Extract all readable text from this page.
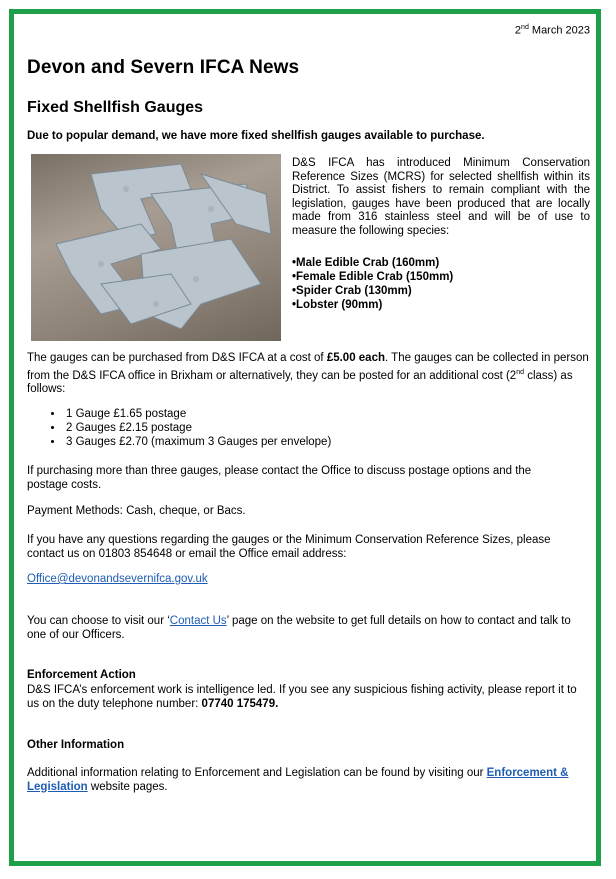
2nd March 2023
Devon and Severn IFCA News
Fixed Shellfish Gauges
Due to popular demand, we have more fixed shellfish gauges available to purchase.
D&S IFCA has introduced Minimum Conservation Reference Sizes (MCRS) for selected shellfish within its District. To assist fishers to remain compliant with the legislation, gauges have been produced that are locally made from 316 stainless steel and will be of use to measure the following species:
•Male Edible Crab (160mm)
•Female Edible Crab (150mm)
•Spider Crab (130mm)
•Lobster (90mm)
The gauges can be purchased from D&S IFCA at a cost of £5.00 each. The gauges can be collected in person from the D&S IFCA office in Brixham or alternatively, they can be posted for an additional cost (2nd class) as follows:
• 1 Gauge £1.65 postage
• 2 Gauges £2.15 postage
• 3 Gauges £2.70 (maximum 3 Gauges per envelope)
If purchasing more than three gauges, please contact the Office to discuss postage options and the postage costs.
Payment Methods: Cash, cheque, or Bacs.
If you have any questions regarding the gauges or the Minimum Conservation Reference Sizes, please contact us on 01803 854648 or email the Office email address:
Office@devonandsevernifca.gov.uk
You can choose to visit our ‘Contact Us’ page on the website to get full details on how to contact and talk to one of our Officers.
Enforcement Action
D&S IFCA’s enforcement work is intelligence led. If you see any suspicious fishing activity, please report it to us on the duty telephone number: 07740 175479.
Other Information
Additional information relating to Enforcement and Legislation can be found by visiting our Enforcement & Legislation website pages.
